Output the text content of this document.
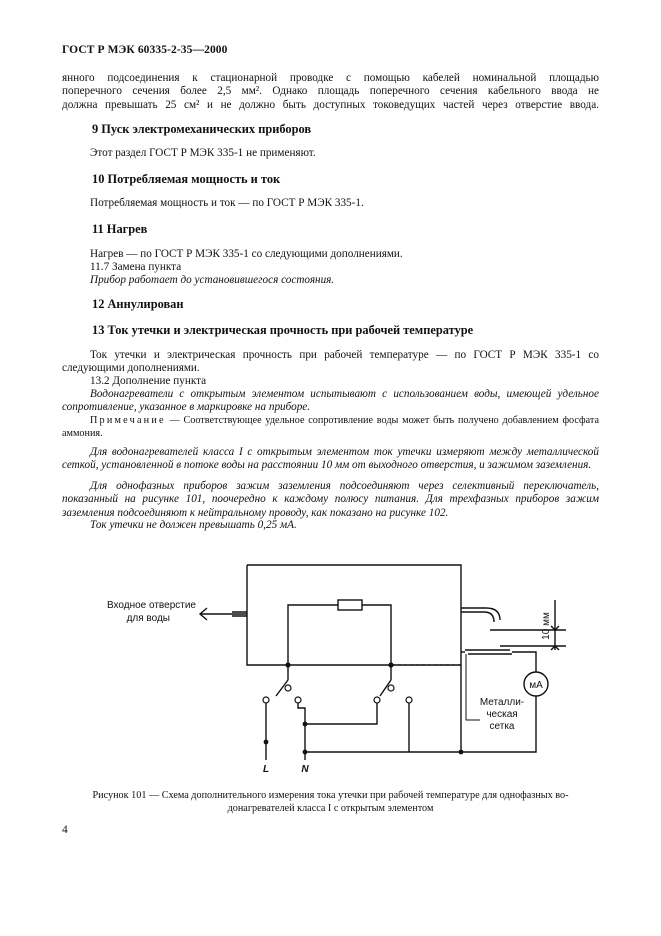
ГОСТ Р МЭК 60335-2-35—2000
янного подсоединения к стационарной проводке с помощью кабелей номинальной площадью
поперечного сечения более 2,5 мм². Однако площадь поперечного сечения кабельного ввода не
должна превышать 25 см² и не должно быть доступных токоведущих частей через отверстие ввода.
9 Пуск электромеханических приборов
Этот раздел ГОСТ Р МЭК 335-1 не применяют.
10 Потребляемая мощность и ток
Потребляемая мощность и ток — по ГОСТ Р МЭК 335-1.
11 Нагрев
Нагрев — по ГОСТ Р МЭК 335-1 со следующими дополнениями.
11.7 Замена пункта
Прибор работает до установившегося состояния.
12 Аннулирован
13 Ток утечки и электрическая прочность при рабочей температуре
Ток утечки и электрическая прочность при рабочей температуре — по ГОСТ Р МЭК 335-1 со следующими дополнениями.
13.2 Дополнение пункта
Водонагреватели с открытым элементом испытывают с использованием воды, имеющей удельное сопротивление, указанное в маркировке на приборе.
Примечание — Соответствующее удельное сопротивление воды может быть получено добавлением фосфата аммония.
Для водонагревателей класса I с открытым элементом ток утечки измеряют между металлической сеткой, установленной в потоке воды на расстоянии 10 мм от выходного отверстия, и зажимом заземления.
Для однофазных приборов зажим заземления подсоединяют через селективный переключатель, показанный на рисунке 101, поочередно к каждому полюсу питания. Для трехфазных приборов зажим заземления подсоединяют к нейтральному проводу, как показано на рисунке 102.
Ток утечки не должен превышать 0,25 мА.
Входное отверстие
для воды	10 мм
Металли-
ческая
сетка
мА
L	N
Рисунок 101 — Схема дополнительного измерения тока утечки при рабочей температуре для однофазных во-
донагревателей класса I с открытым элементом
4
